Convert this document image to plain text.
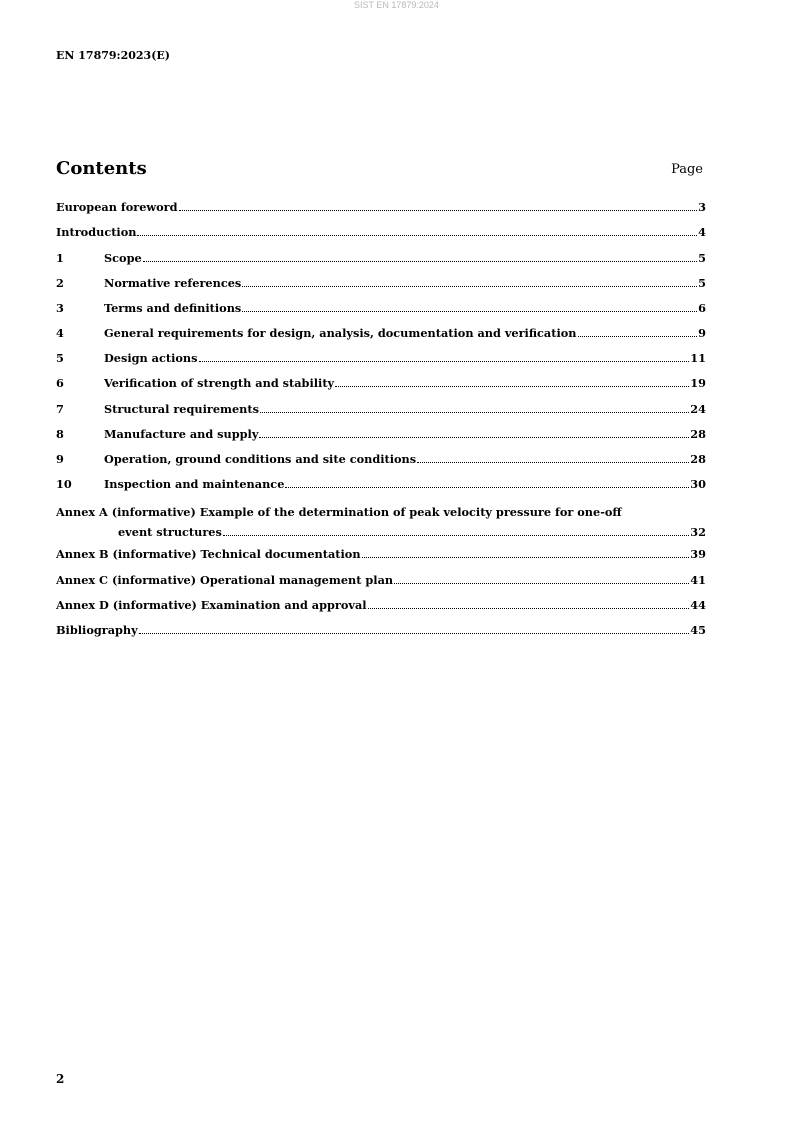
SIST EN 17879:2024
EN 17879:2023(E)
Contents	Page
European foreword	3
Introduction	4
1	Scope	5
2	Normative references	5
3	Terms and definitions	6
4	General requirements for design, analysis, documentation and verification	9
5	Design actions	11
6	Verification of strength and stability	19
7	Structural requirements	24
8	Manufacture and supply	28
9	Operation, ground conditions and site conditions	28
10	Inspection and maintenance	30
Annex A (informative) Example of the determination of peak velocity pressure for one-off
event structures	32
Annex B (informative) Technical documentation	39
Annex C (informative) Operational management plan	41
Annex D (informative) Examination and approval	44
Bibliography	45
2
